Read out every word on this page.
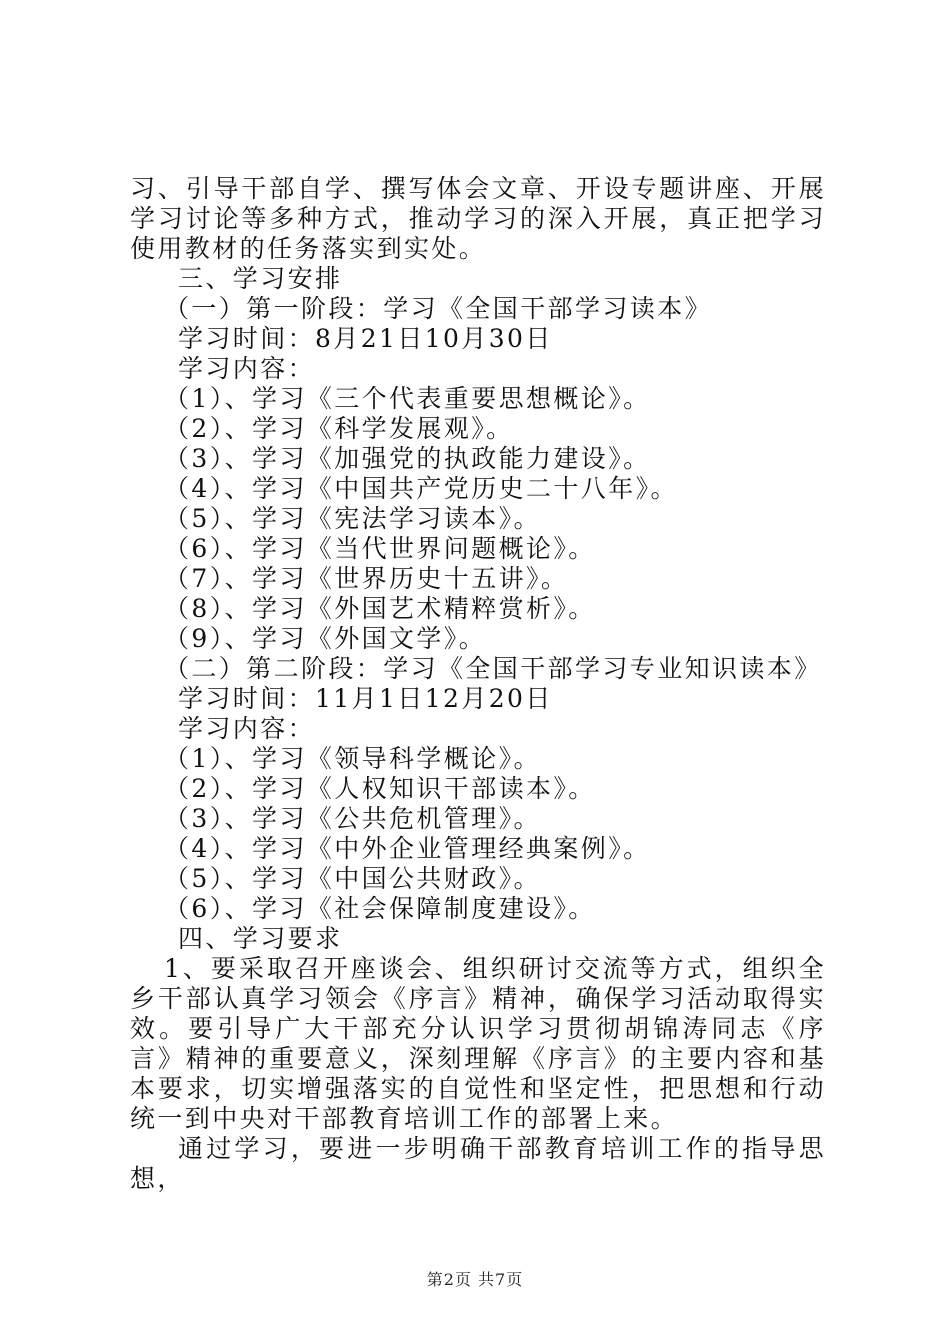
习、引导干部自学、撰写体会文章、开设专题讲座、开展学习讨论等多种方式，推动学习的深入开展，真正把学习使用教材的任务落实到实处。

三、学习安排
（一）第一阶段：学习《全国干部学习读本》
学习时间：8月21日10月30日
学习内容：
（1）、学习《三个代表重要思想概论》。
（2）、学习《科学发展观》。
（3）、学习《加强党的执政能力建设》。
（4）、学习《中国共产党历史二十八年》。
（5）、学习《宪法学习读本》。
（6）、学习《当代世界问题概论》。
（7）、学习《世界历史十五讲》。
（8）、学习《外国艺术精粹赏析》。
（9）、学习《外国文学》。
（二）第二阶段：学习《全国干部学习专业知识读本》
学习时间：11月1日12月20日
学习内容：
（1）、学习《领导科学概论》。
（2）、学习《人权知识干部读本》。
（3）、学习《公共危机管理》。
（4）、学习《中外企业管理经典案例》。
（5）、学习《中国公共财政》。
（6）、学习《社会保障制度建设》。
四、学习要求

1、要采取召开座谈会、组织研讨交流等方式，组织全乡干部认真学习领会《序言》精神，确保学习活动取得实效。要引导广大干部充分认识学习贯彻胡锦涛同志《序言》精神的重要意义，深刻理解《序言》的主要内容和基本要求，切实增强落实的自觉性和坚定性，把思想和行动统一到中央对干部教育培训工作的部署上来。

通过学习，要进一步明确干部教育培训工作的指导思想，

第2页 共7页
